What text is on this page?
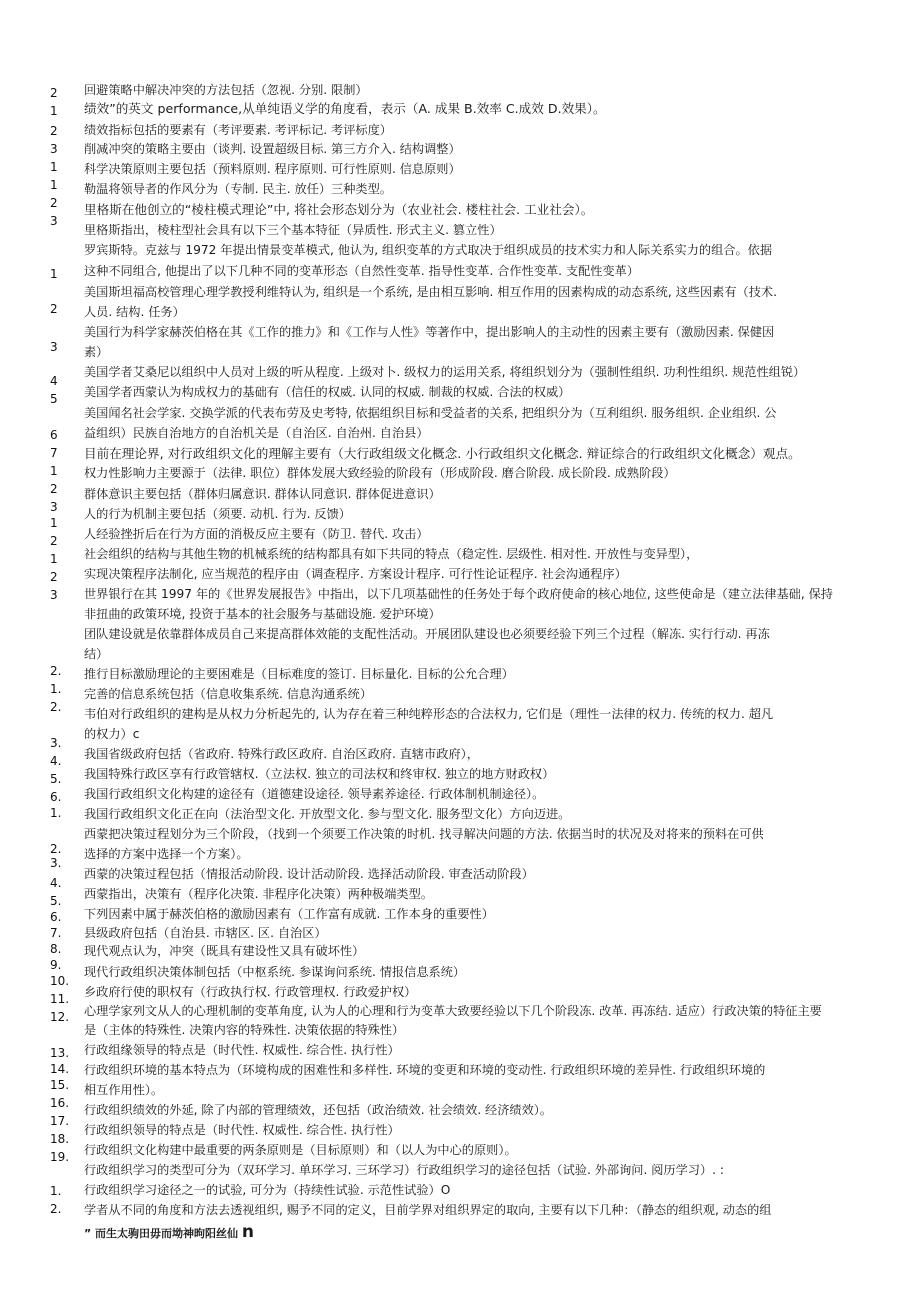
2
1
2
3
1
1
2
3
1
2
3
4
5
6
7
1
2
3
1
2
1
2
3
2.
1.
2.
3.
4.
5.
6.
1.
2.
3.
4.
5.
6.
7.
8.
9.
10.
11.
12.
13.
14.
15.
16.
17.
18.
19.
1.
2.
回避策略中解决冲突的方法包括（忽视. 分别. 限制）
绩效”的英文 performance,从单纯语义学的角度看，表示（A. 成果 B.效率 C.成效 D.效果）。
绩效指标包括的要素有（考评要素. 考评标记. 考评标度）
削减冲突的策略主要由（谈判. 设置超级目标. 第三方介入. 结构调整）
科学决策原则主要包括（预料原则. 程序原则. 可行性原则. 信息原则）
勒温将领导者的作风分为（专制. 民主. 放任）三种类型。
里格斯在他创立的“棱柱模式理论”中, 将社会形态划分为（农业社会. 楼柱社会. 工业社会）。
里格斯指出，棱柱型社会具有以下三个基本特征（异质性. 形式主义. 篡立性）
罗宾斯特。克兹与 1972 年提出情景变革模式, 他认为, 组织变革的方式取决于组织成员的技术实力和人际关系实力的组合。依据
这种不同组合, 他提出了以下几种不同的变革形态（自然性变革. 指导性变革. 合作性变革. 支配性变革）
美国斯坦福高校管理心理学教授利维特认为, 组织是一个系统, 是由相互影响. 相互作用的因素构成的动态系统, 这些因素有（技术.
人员. 结构. 任务）
美国行为科学家赫茨伯格在其《工作的推力》和《工作与人性》等著作中，提出影响人的主动性的因素主要有（激励因素. 保健因
素）
美国学者艾桑尼以组织中人员对上级的听从程度. 上级对卜. 级权力的运用关系, 将组织划分为（强制性组织. 功利性组织. 规范性组锐）
美国学者西蒙认为构成权力的基础有（信任的权威. 认同的权威. 制裁的权威. 合法的权威）
美国闻名社会学家. 交换学派的代表布劳及史考特, 依据组织目标和受益者的关系, 把组织分为（互利组织. 服务组织. 企业组织. 公
益组织）民族自治地方的自治机关是（自治区. 自治州. 自治县）
目前在理论界, 对行政组织文化的理解主要有（大行政组级文化概念. 小行政组织文化概念. 辩证综合的行政组织文化概念）观点。
权力性影响力主要源于（法律. 职位）群体发展大致经验的阶段有（形成阶段. 磨合阶段. 成长阶段. 成熟阶段）
群体意识主要包括（群体归属意识. 群体认同意识. 群体促进意识）
人的行为机制主要包括（须要. 动机. 行为. 反馈）
人经验挫折后在行为方面的消极反应主要有（防卫. 替代. 攻击）
社会组织的结构与其他生物的机械系统的结构都具有如下共同的特点（稳定性. 层级性. 相对性. 开放性与变异型），
实现决策程序法制化, 应当规范的程序由（调查程序. 方案设计程序. 可行性论证程序. 社会沟通程序）
世界银行在其 1997 年的《世界发展报告》中指出，以下几项基础性的任务处于每个政府使命的核心地位, 这些使命是（建立法律基础, 保持
非扭曲的政策环境, 投资于基本的社会服务与基础设施. 爱护环境）
团队建设就是依靠群体成员自己来提高群体效能的支配性活动。开展团队建设也必须要经验下列三个过程（解冻. 实行行动. 再冻
结）
推行目标激励理论的主要困难是（目标难度的签订. 目标量化. 目标的公允合理）
完善的信息系统包括（信息收集系统. 信息沟通系统）
韦伯对行政组织的建构是从权力分析起先的, 认为存在着三种纯粹形态的合法权力, 它们是（理性一法律的权力. 传统的权力. 超凡
的权力）c
我国省级政府包括（省政府. 特殊行政区政府. 自治区政府. 直辖市政府），
我国特殊行政区享有行政管辖权.（立法权. 独立的司法权和终审权. 独立的地方财政权）
我国行政组织文化构建的途径有（道德建设途径. 领导素养途径. 行政体制机制途径）。
我国行政组织文化正在向（法治型文化. 开放型文化. 参与型文化. 服务型文化）方向迈进。
西蒙把决策过程划分为三个阶段，（找到一个须要工作决策的时机. 找寻解决问题的方法. 依据当时的状况及对将来的预料在可供
选择的方案中选择一个方案）。
西蒙的决策过程包括（情报活动阶段. 设计活动阶段. 选择活动阶段. 审查活动阶段）
西蒙指出，决策有（程序化决策. 非程序化决策）两种极端类型。
下列因素中属于赫茨伯格的激励因素有（工作富有成就. 工作本身的重要性）
县级政府包括（自治县. 市辖区. 区. 自治区）
现代观点认为，冲突（既具有建设性又具有破坏性）
现代行政组织决策体制包括（中枢系统. 参谋询问系统. 情报信息系统）
乡政府行使的职权有（行政执行权. 行政管理权. 行政爱护权）
心理学家列文从人的心理机制的变革角度, 认为人的心理和行为变革大致要经验以下几个阶段冻. 改革. 再冻结. 适应）行政决策的特征主要
是（主体的特殊性. 决策内容的特殊性. 决策依据的特殊性）
行政组缘领导的特点是（时代性. 权威性. 综合性. 执行性）
行政组织环境的基本特点为（环境构成的困难性和多样性. 环境的变更和环境的变动性. 行政组织环境的差异性. 行政组织环境的
相互作用性）。
行政组织绩效的外延, 除了内部的管理绩效，还包括（政治绩效. 社会绩效. 经济绩效）。
行政组织领导的特点是（时代性. 权威性. 综合性. 执行性）
行政组织文化构建中最重要的两条原则是（目标原则）和（以人为中心的原则）。
行政组织学习的类型可分为（双环学习. 单环学习. 三环学习）行政组织学习的途径包括（试验. 外部询问. 阅历学习）. :
行政组织学习途径之一的试验, 可分为（持续性试验. 示范性试验）O
学者从不同的角度和方法去透视组织, 赐予不同的定义，目前学界对组织界定的取向, 主要有以下几种：（静态的组织观, 动态的组
” 而生太驹田毋而坳神昫阳丝仙 n
